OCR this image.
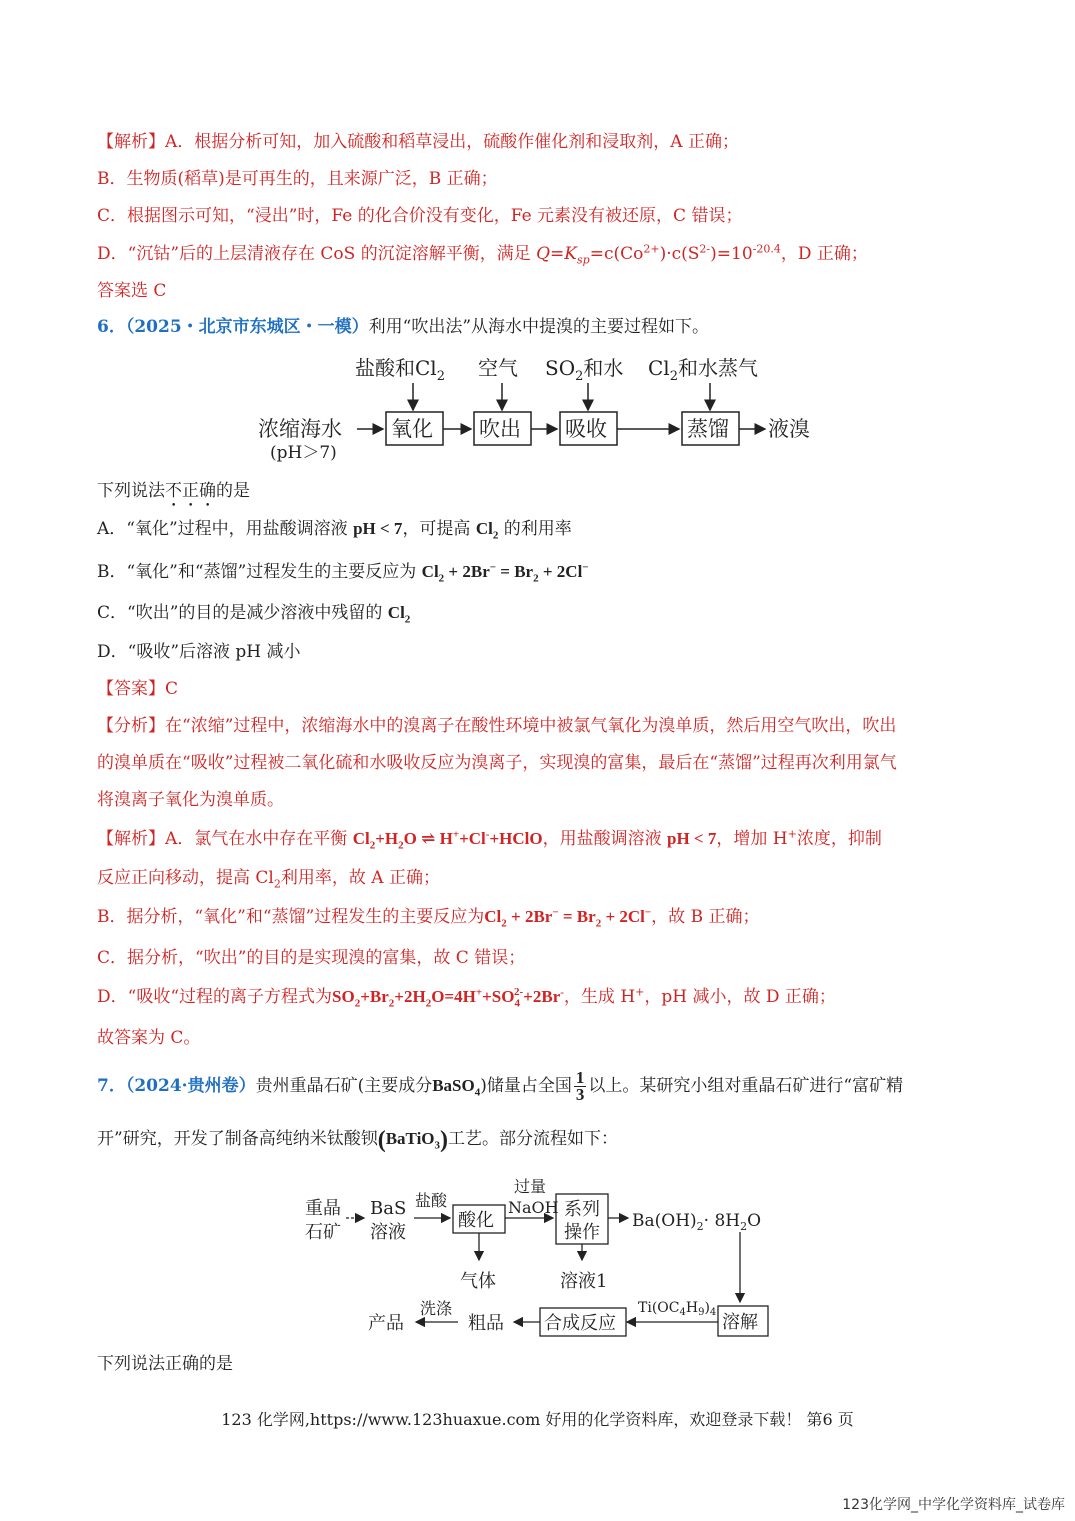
【解析】A．根据分析可知，加入硫酸和稻草浸出，硫酸作催化剂和浸取剂，A 正确；
B．生物质(稻草)是可再生的，且来源广泛，B 正确；
C．根据图示可知，“浸出”时，Fe 的化合价没有变化，Fe 元素没有被还原，C 错误；
D．“沉钴”后的上层清液存在 CoS 的沉淀溶解平衡，满足 $Q=K_{sp}=c(Co^{2+})\cdot c(S^{2-})=10^{-20.4}$，D 正确；
答案选 C
6．（2025・北京市东城区・一模）利用“吹出法”从海水中提溴的主要过程如下。
盐酸和$Cl_2$ 空气 $SO_2$和水 $Cl_2$和水蒸气
浓缩海水
(pH＞7)
氧化 吹出 吸收	蒸馏 液溴
下列说法不正确的是
A．“氧化”过程中，用盐酸调溶液 pH < 7，可提高 $Cl_2$ 的利用率
B．“氧化”和“蒸馏”过程发生的主要反应为 $Cl_2 + 2Br^- = Br_2 + 2Cl^-$
C．“吹出”的目的是减少溶液中残留的 $Cl_2$
D．“吸收”后溶液 pH 减小
【答案】C
【分析】在“浓缩”过程中，浓缩海水中的溴离子在酸性环境中被氯气氧化为溴单质，然后用空气吹出，吹出
的溴单质在“吸收”过程被二氧化硫和水吸收反应为溴离子，实现溴的富集，最后在“蒸馏”过程再次利用氯气
将溴离子氧化为溴单质。
【解析】A．氯气在水中存在平衡 $Cl_2+H_2O$ ⇌ H++Cl-+HClO，用盐酸调溶液 pH < 7，增加 H+浓度，抑制
反应正向移动，提高 $Cl_2$利用率，故 A 正确；
B．据分析，“氧化”和“蒸馏”过程发生的主要反应为$Cl_2 + 2Br^- = Br_2 + 2Cl^-$，故 B 正确；
C．据分析，“吹出”的目的是实现溴的富集，故 C 错误；
D．“吸收“过程的离子方程式为$SO_2+Br_2+2H_2O=4H^++SO_4^{2-}+2Br^-$，生成 H+，pH 减小，故 D 正确；
故答案为 C。
7．（2024·贵州卷）贵州重晶石矿(主要成分BaSO$_4$)储量占全国 $\frac{1}{3}$ 以上。某研究小组对重晶石矿进行“富矿精
开”研究，开发了制备高纯纳米钛酸钡(BaTiO$_3$)工艺。部分流程如下：
重晶
石矿
BaS
溶液
盐酸
酸化
过量
NaOH 系列
操作
$Ba(OH)_2\cdot 8H_2O$
气体	溶液1
溶解
$Ti(OC_4H_9)_4$
合成反应
粗品
洗涤
产品
下列说法正确的是
123 化学网,https://www.123huaxue.com 好用的化学资料库，欢迎登录下载！ 第6 页
123化学网_中学化学资料库_试卷库
